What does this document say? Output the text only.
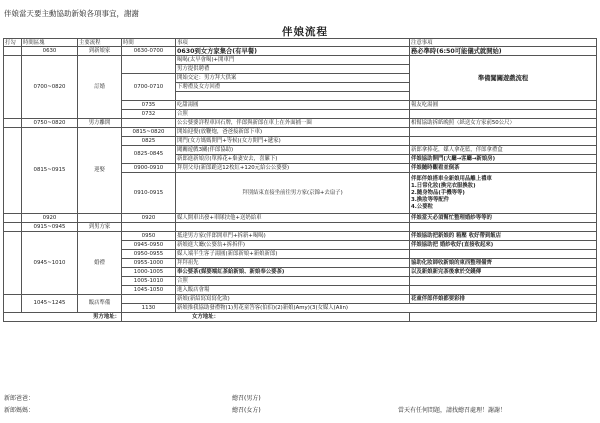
伴娘當天要主動協助新娘各項事宜，謝謝
伴娘流程
打勾	時間區塊	主要流程	時間	事項	注意事項
	0630	到新娘家	0630-0700	0630到女方家集合(有早餐)	務必準時(6:50可能儀式就開始)
	0700~0820	訂婚		喝喝(太早會喝)+開車門	準備闖關遊戲流程
				男方提供聘禮	
			0700-0710	開始交定：男方拜大供案	
				下聘禮及女方回禮	

			0735	吃甜湯圓	報友吃湯圓
			0732	合照	
	0750~0820	男方離開		公公婆婆詳程車回石牌，伴郎與新郎在車上在外面捕一圈	相幫協助拆紙晚照（紙送女方家前50公尺）
	0815~0915	迎娶	0815~0820	開始迎娶(放鞭炮，爸爸接新郎下車)	
			0825	開門(女方媽媽開門+等候)(女方開門+遞家)	
			0825-0845	闖關遊戲3關(伴郎協助)	新郎拿捧花，媒人拿花籃，伴郎拿禮盒
				新郎進新娘房(單捧花+棄妻安去，喜簾下)	伴娘協助開門(大廳→客廳→新娘房)
			0900-0910	拜別父母(新郎跪送12枚紅+120元給公公婆婆)	伴娘隨時觀看並倒茶
			0910-0915	拜別結束直接坐前往男方家(京錦+去扇子)	伴郎伴娘搭車全新娘用品離上禮車
1.日常化妝(換完衣服換妝)
2.隨身物品(手機等等)
3.換妝等等配件
4.公婆粒

	0920		0920	媒人開車出發+車隊扶他+送奶給車	伴娘當天必須幫忙整理婚紗等等的
	0915~0945	到男方家			
	0945~1010	婚禮	0950	抵達男方家(伴郎開車門+拆新+喝喝)	伴娘協助把新娘的 箱壓 收好帶到飯店
			0945-0950	新娘進大廳(公婆翁+拆拆伴)	伴娘協助把 婚紗收好(直接收起來)
			0950-0955	媒人端半生客子湯圓(新郎新娘+新娘新郎)	
			0955-1000	拜拜祖先	協助化妝師收新娘的東西整理備齊
			1000-1005	奉公婆茶(媒婆端紅茶給新娘、新娘奉公婆茶)	以及新娘新完茶後拿於交錢傳
			1005-1010	合照	
			1045-1050	進入飯店會場	
	1045~1245	飯店準備		新娘(新紹寫寫寫化妝)	花童伴郎伴娘都要彩排
			1130	新娘推我協助發禮物(1)男花童答客(伯伯)(2)新娘(Amy)(3)女媒人(Alin)	
男方地址：			女方地址：		
新郎爸爸：	總召(男方)
新郎媽媽：	總召(女方)	當天有任何問題，請找總召處理！謝謝！
